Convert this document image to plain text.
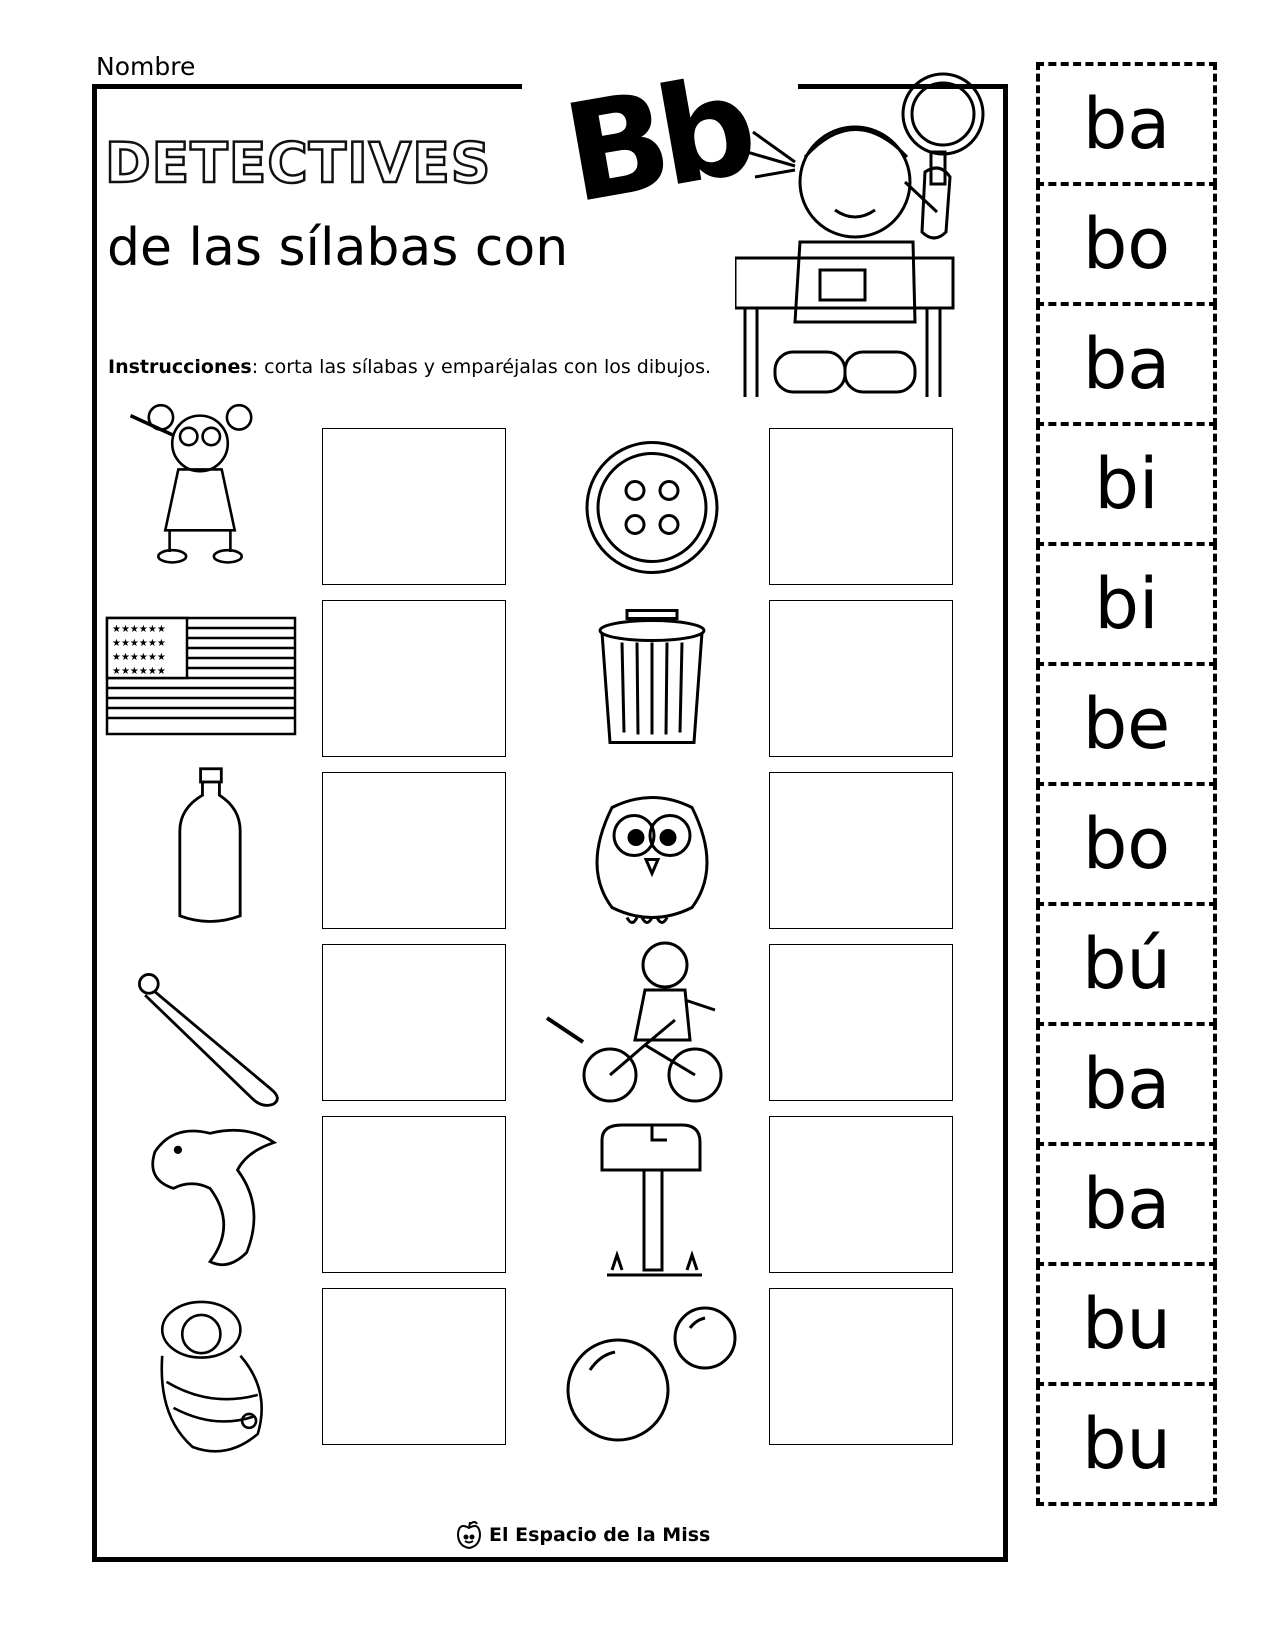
Nombre
DETECTIVES
de las sílabas con
Bb
Instrucciones: corta las sílabas y emparéjalas con los dibujos.
★★★★★★
★★★★★★
★★★★★★
★★★★★★
El Espacio de la Miss
ba
bo
ba
bi
bi
be
bo
bú
ba
ba
bu
bu
